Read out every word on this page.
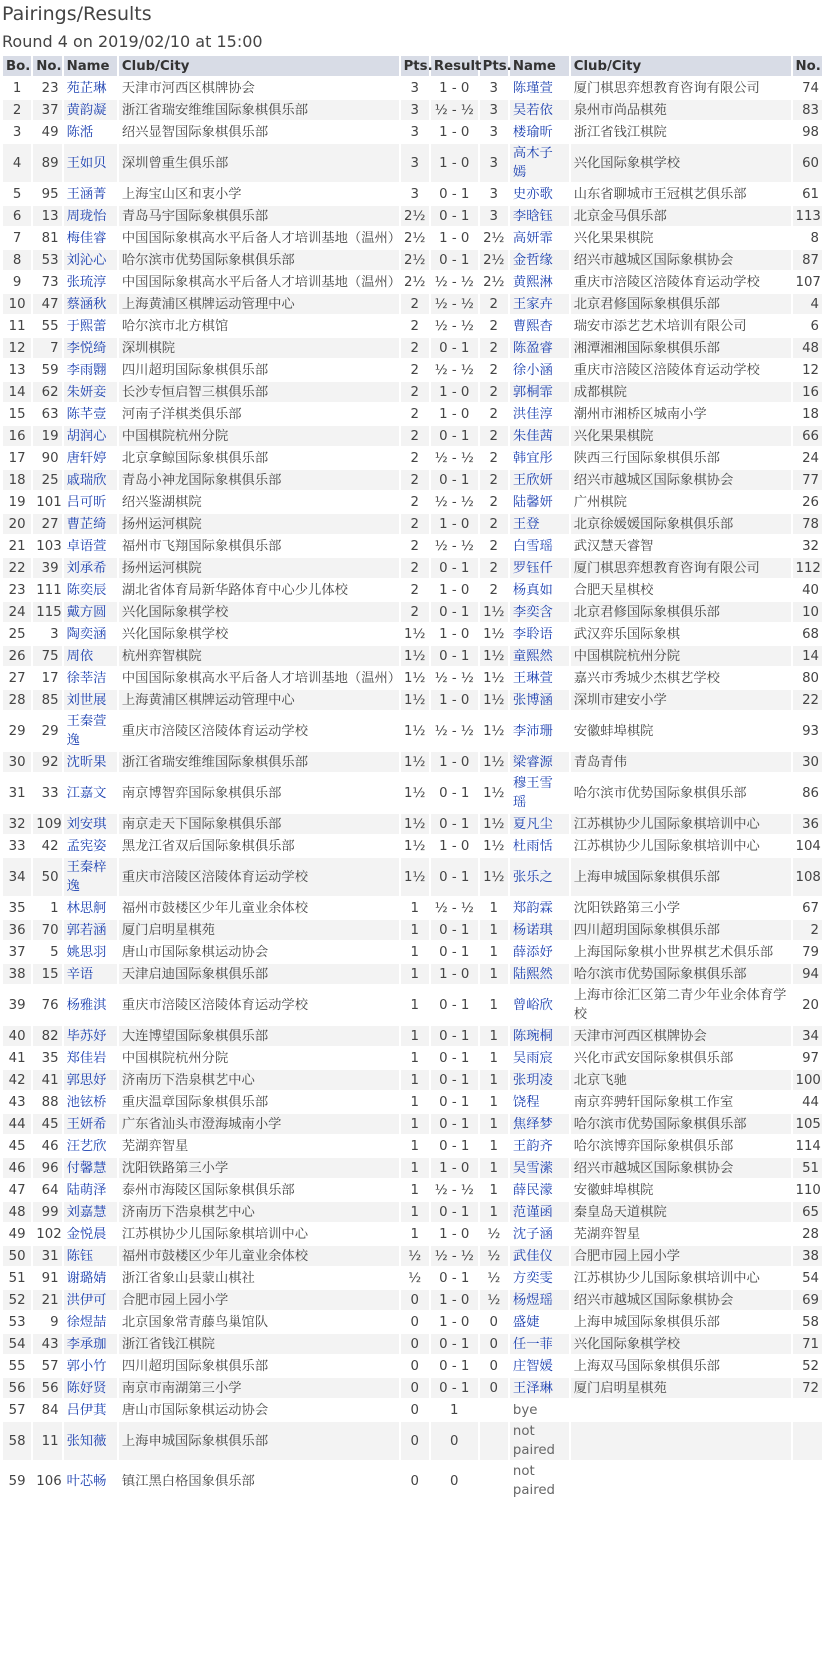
Pairings/Results
Round 4 on 2019/02/10 at 15:00
Bo.	No.	Name	Club/City	Pts.	Result	Pts.	Name	Club/City	No.
1	23	苑芷琳	天津市河西区棋牌协会	3	1 - 0	3	陈瑾萱	厦门棋思弈想教育咨询有限公司	74
2	37	黄韵凝	浙江省瑞安维维国际象棋俱乐部	3	½ - ½	3	吴若依	泉州市尚品棋苑	83
3	49	陈湉	绍兴显智国际象棋俱乐部	3	1 - 0	3	楼瑜昕	浙江省钱江棋院	98
4	89	王如贝	深圳曾重生俱乐部	3	1 - 0	3	高木子嫣	兴化国际象棋学校	60
5	95	王涵菁	上海宝山区和衷小学	3	0 - 1	3	史亦歌	山东省聊城市王冠棋艺俱乐部	61
6	13	周珑怡	青岛马宇国际象棋俱乐部	2½	0 - 1	3	李晗钰	北京金马俱乐部	113
7	81	梅佳睿	中国国际象棋高水平后备人才培训基地（温州）	2½	1 - 0	2½	高妍霏	兴化果果棋院	8
8	53	刘沁心	哈尔滨市优势国际象棋俱乐部	2½	0 - 1	2½	金哲缘	绍兴市越城区国际象棋协会	87
9	73	张琉淳	中国国际象棋高水平后备人才培训基地（温州）	2½	½ - ½	2½	黄熙淋	重庆市涪陵区涪陵体育运动学校	107
10	47	蔡涵秋	上海黄浦区棋牌运动管理中心	2	½ - ½	2	王家卉	北京君修国际象棋俱乐部	4
11	55	于熙蕾	哈尔滨市北方棋馆	2	½ - ½	2	曹熙杳	瑞安市添艺艺术培训有限公司	6
12	7	李悦绮	深圳棋院	2	0 - 1	2	陈盈睿	湘潭湘湘国际象棋俱乐部	48
13	59	李雨翾	四川超玥国际象棋俱乐部	2	½ - ½	2	徐小涵	重庆市涪陵区涪陵体育运动学校	12
14	62	朱妍妾	长沙专恒启智三棋俱乐部	2	1 - 0	2	郭桐霏	成都棋院	16
15	63	陈芊壹	河南子洋棋类俱乐部	2	1 - 0	2	洪佳淳	潮州市湘桥区城南小学	18
16	19	胡润心	中国棋院杭州分院	2	0 - 1	2	朱佳茜	兴化果果棋院	66
17	90	唐轩婷	北京拿鲸国际象棋俱乐部	2	½ - ½	2	韩宜彤	陕西三行国际象棋俱乐部	24
18	25	戚瑞欣	青岛小神龙国际象棋俱乐部	2	0 - 1	2	王欣妍	绍兴市越城区国际象棋协会	77
19	101	吕可昕	绍兴鉴湖棋院	2	½ - ½	2	陆馨妍	广州棋院	26
20	27	曹芷绮	扬州运河棋院	2	1 - 0	2	王登	北京徐媛媛国际象棋俱乐部	78
21	103	卓语萱	福州市飞翔国际象棋俱乐部	2	½ - ½	2	白雪瑶	武汉慧天睿智	32
22	39	刘承希	扬州运河棋院	2	0 - 1	2	罗钰仟	厦门棋思弈想教育咨询有限公司	112
23	111	陈奕辰	湖北省体育局新华路体育中心少儿体校	2	1 - 0	2	杨真如	合肥天星棋校	40
24	115	戴方圆	兴化国际象棋学校	2	0 - 1	1½	李奕含	北京君修国际象棋俱乐部	10
25	3	陶奕涵	兴化国际象棋学校	1½	1 - 0	1½	李聆语	武汉弈乐国际象棋	68
26	75	周依	杭州弈智棋院	1½	0 - 1	1½	童熙然	中国棋院杭州分院	14
27	17	徐莘洁	中国国际象棋高水平后备人才培训基地（温州）	1½	½ - ½	1½	王琳萱	嘉兴市秀城少杰棋艺学校	80
28	85	刘世展	上海黄浦区棋牌运动管理中心	1½	1 - 0	1½	张博涵	深圳市建安小学	22
29	29	王秦萱逸	重庆市涪陵区涪陵体育运动学校	1½	½ - ½	1½	李沛珊	安徽蚌埠棋院	93
30	92	沈昕果	浙江省瑞安维维国际象棋俱乐部	1½	1 - 0	1½	梁睿源	青岛青伟	30
31	33	江嘉文	南京博智弈国际象棋俱乐部	1½	0 - 1	1½	穆王雪瑶	哈尔滨市优势国际象棋俱乐部	86
32	109	刘安琪	南京走天下国际象棋俱乐部	1½	0 - 1	1½	夏凡尘	江苏棋协少儿国际象棋培训中心	36
33	42	孟宪姿	黑龙江省双后国际象棋俱乐部	1½	1 - 0	1½	杜雨恬	江苏棋协少儿国际象棋培训中心	104
34	50	王秦梓逸	重庆市涪陵区涪陵体育运动学校	1½	0 - 1	1½	张乐之	上海申城国际象棋俱乐部	108
35	1	林思舸	福州市鼓楼区少年儿童业余体校	1	½ - ½	1	郑韵霖	沈阳铁路第三小学	67
36	70	郭若涵	厦门启明星棋苑	1	0 - 1	1	杨诺琪	四川超玥国际象棋俱乐部	2
37	5	姚思羽	唐山市国际象棋运动协会	1	0 - 1	1	薛添妤	上海国际象棋小世界棋艺术俱乐部	79
38	15	辛语	天津启迪国际象棋俱乐部	1	1 - 0	1	陆熙然	哈尔滨市优势国际象棋俱乐部	94
39	76	杨雅淇	重庆市涪陵区涪陵体育运动学校	1	0 - 1	1	曾峪欣	上海市徐汇区第二青少年业余体育学校	20
40	82	毕苏妤	大连博望国际象棋俱乐部	1	0 - 1	1	陈琬桐	天津市河西区棋牌协会	34
41	35	郑佳岩	中国棋院杭州分院	1	0 - 1	1	吴雨宸	兴化市武安国际象棋俱乐部	97
42	41	郭思妤	济南历下浩泉棋艺中心	1	0 - 1	1	张玥凌	北京飞驰	100
43	88	池铉桥	重庆温章国际象棋俱乐部	1	0 - 1	1	饶程	南京弈骋轩国际象棋工作室	44
44	45	王妍希	广东省汕头市澄海城南小学	1	0 - 1	1	焦绎梦	哈尔滨市优势国际象棋俱乐部	105
45	46	汪艺欣	芜湖弈智星	1	0 - 1	1	王韵齐	哈尔滨博弈国际象棋俱乐部	114
46	96	付馨慧	沈阳铁路第三小学	1	1 - 0	1	吴雪潆	绍兴市越城区国际象棋协会	51
47	64	陆萌泽	泰州市海陵区国际象棋俱乐部	1	½ - ½	1	薛民濛	安徽蚌埠棋院	110
48	99	刘嘉慧	济南历下浩泉棋艺中心	1	0 - 1	1	范谨函	秦皇岛天道棋院	65
49	102	金悦晨	江苏棋协少儿国际象棋培训中心	1	1 - 0	½	沈子涵	芜湖弈智星	28
50	31	陈钰	福州市鼓楼区少年儿童业余体校	½	½ - ½	½	武佳仪	合肥市园上园小学	38
51	91	谢璐婧	浙江省象山县蒙山棋社	½	0 - 1	½	方奕雯	江苏棋协少儿国际象棋培训中心	54
52	21	洪伊可	合肥市园上园小学	0	1 - 0	½	杨煜瑶	绍兴市越城区国际象棋协会	69
53	9	徐煜喆	北京国象常青藤鸟巢馆队	0	1 - 0	0	盛婕	上海申城国际象棋俱乐部	58
54	43	李承珈	浙江省钱江棋院	0	0 - 1	0	任一菲	兴化国际象棋学校	71
55	57	郭小竹	四川超玥国际象棋俱乐部	0	0 - 1	0	庄智媛	上海双马国际象棋俱乐部	52
56	56	陈妤贤	南京市南湖第三小学	0	0 - 1	0	王泽琳	厦门启明星棋苑	72
57	84	吕伊萁	唐山市国际象棋运动协会	0	1		bye		
58	11	张知薇	上海申城国际象棋俱乐部	0	0		not paired		
59	106	叶芯畅	镇江黑白格国象俱乐部	0	0		not paired		
